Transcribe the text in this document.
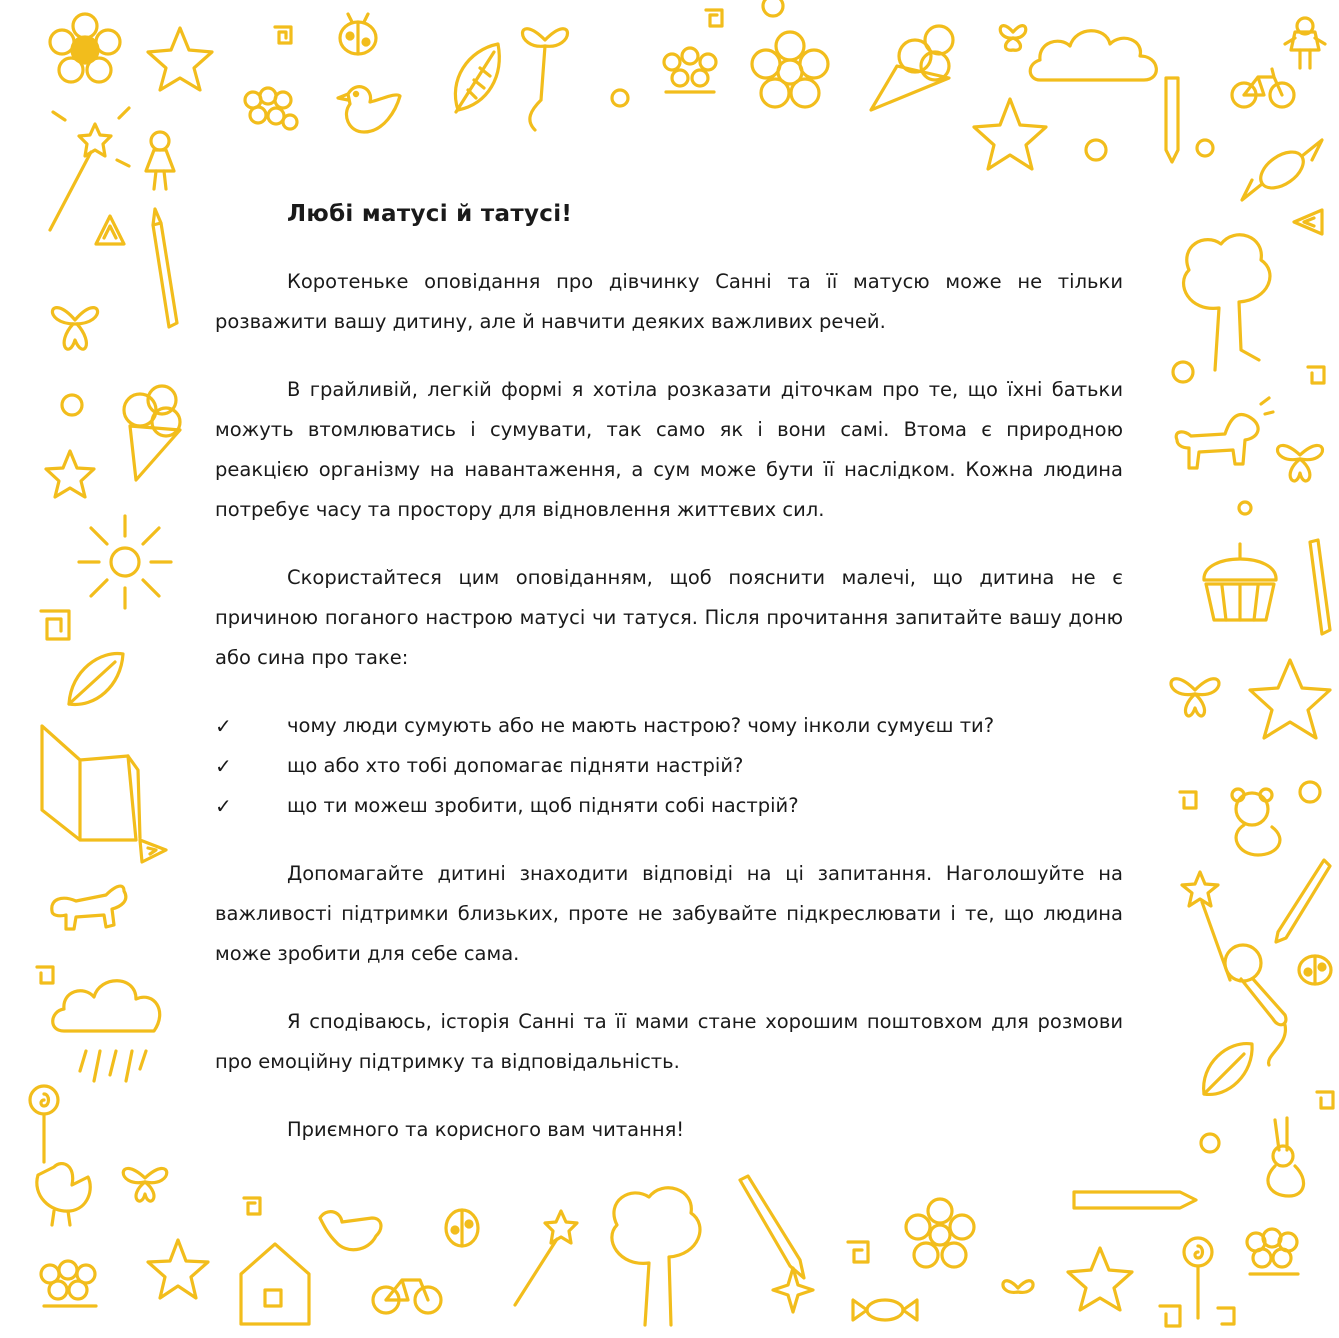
Любі матусі й татусі!

Коротеньке оповідання про дівчинку Санні та її матусю може не тільки розважити вашу дитину, але й навчити деяких важливих речей.

В грайливій, легкій формі я хотіла розказати діточкам про те, що їхні батьки можуть втомлюватись і сумувати, так само як і вони самі. Втома є природною реакцією організму на навантаження, а сум може бути її наслідком. Кожна людина потребує часу та простору для відновлення життєвих сил.

Скористайтеся цим оповіданням, щоб пояснити малечі, що дитина не є причиною поганого настрою матусі чи татуся. Після прочитання запитайте вашу доню або сина про таке:

✓	чому люди сумують або не мають настрою? чому інколи сумуєш ти?
✓	що або хто тобі допомагає підняти настрій?
✓	що ти можеш зробити, щоб підняти собі настрій?

Допомагайте дитині знаходити відповіді на ці запитання. Наголошуйте на важливості підтримки близьких, проте не забувайте підкреслювати і те, що людина може зробити для себе сама.

Я сподіваюсь, історія Санні та її мами стане хорошим поштовхом для розмови про емоційну підтримку та відповідальність.

Приємного та корисного вам читання!
